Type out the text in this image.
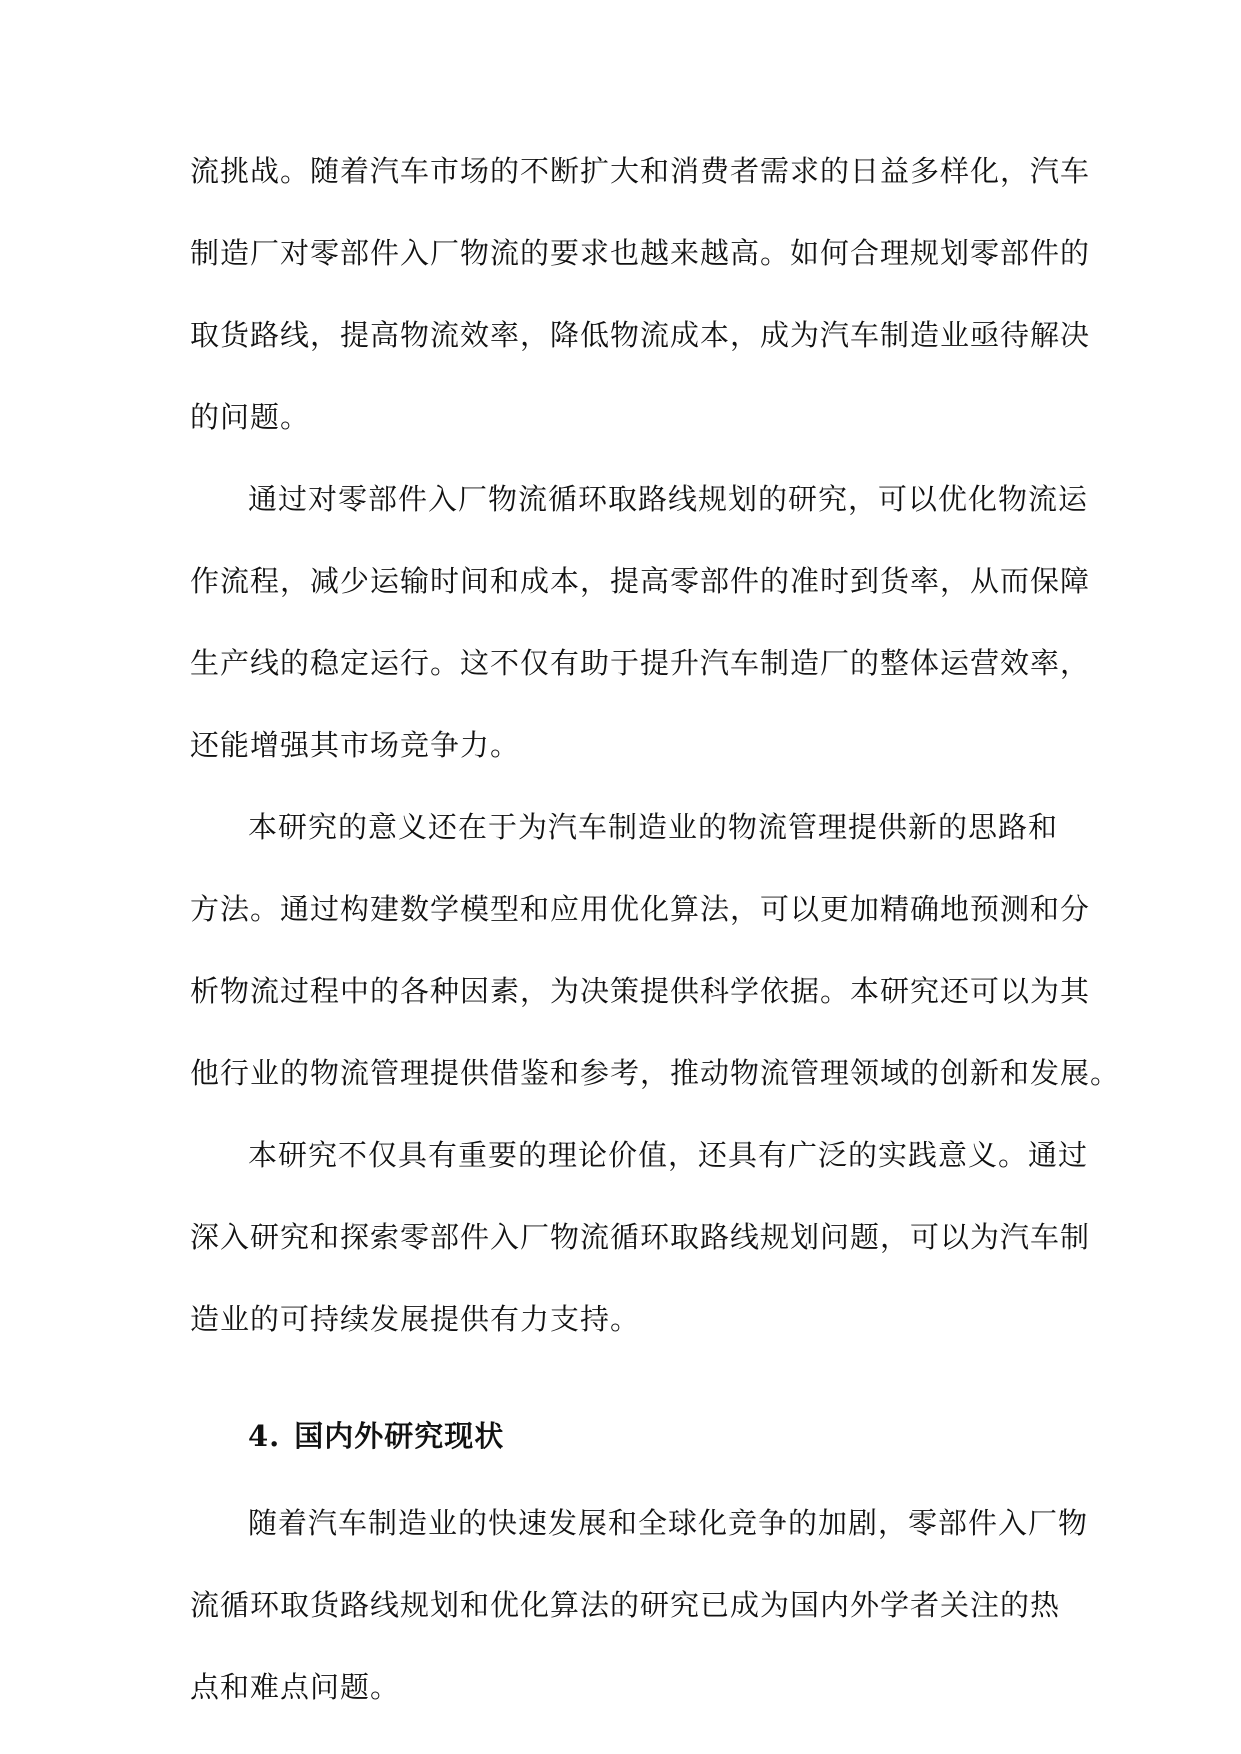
流挑战。随着汽车市场的不断扩大和消费者需求的日益多样化，汽车

制造厂对零部件入厂物流的要求也越来越高。如何合理规划零部件的

取货路线，提高物流效率，降低物流成本，成为汽车制造业亟待解决

的问题。

通过对零部件入厂物流循环取路线规划的研究，可以优化物流运

作流程，减少运输时间和成本，提高零部件的准时到货率，从而保障

生产线的稳定运行。这不仅有助于提升汽车制造厂的整体运营效率，

还能增强其市场竞争力。

本研究的意义还在于为汽车制造业的物流管理提供新的思路和

方法。通过构建数学模型和应用优化算法，可以更加精确地预测和分

析物流过程中的各种因素，为决策提供科学依据。本研究还可以为其

他行业的物流管理提供借鉴和参考，推动物流管理领域的创新和发展。

本研究不仅具有重要的理论价值，还具有广泛的实践意义。通过

深入研究和探索零部件入厂物流循环取路线规划问题，可以为汽车制

造业的可持续发展提供有力支持。

4. 国内外研究现状

随着汽车制造业的快速发展和全球化竞争的加剧，零部件入厂物

流循环取货路线规划和优化算法的研究已成为国内外学者关注的热

点和难点问题。
